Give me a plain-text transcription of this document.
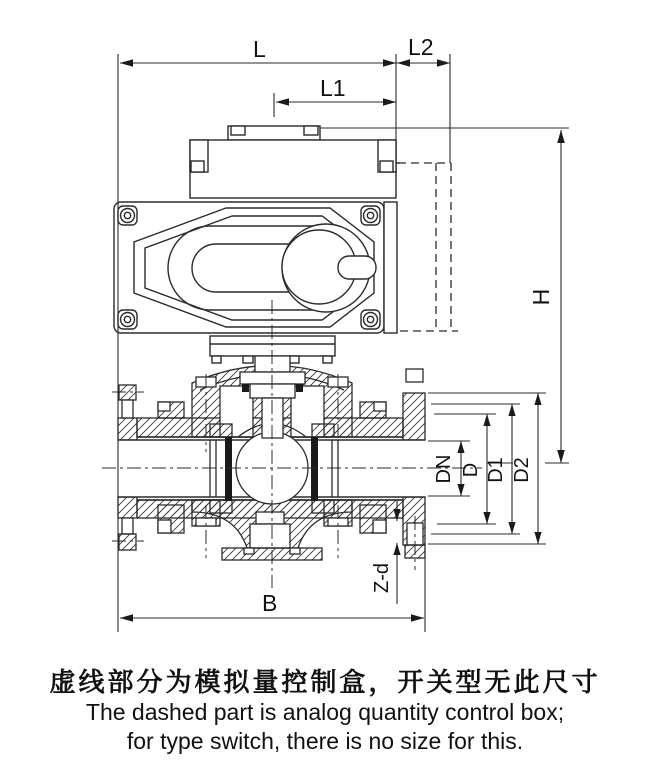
L	L2
L1
H
B
DN D D1 D2
Z-d
虚线部分为模拟量控制盒，开关型无此尺寸
The dashed part is analog quantity control box;
for type switch, there is no size for this.
